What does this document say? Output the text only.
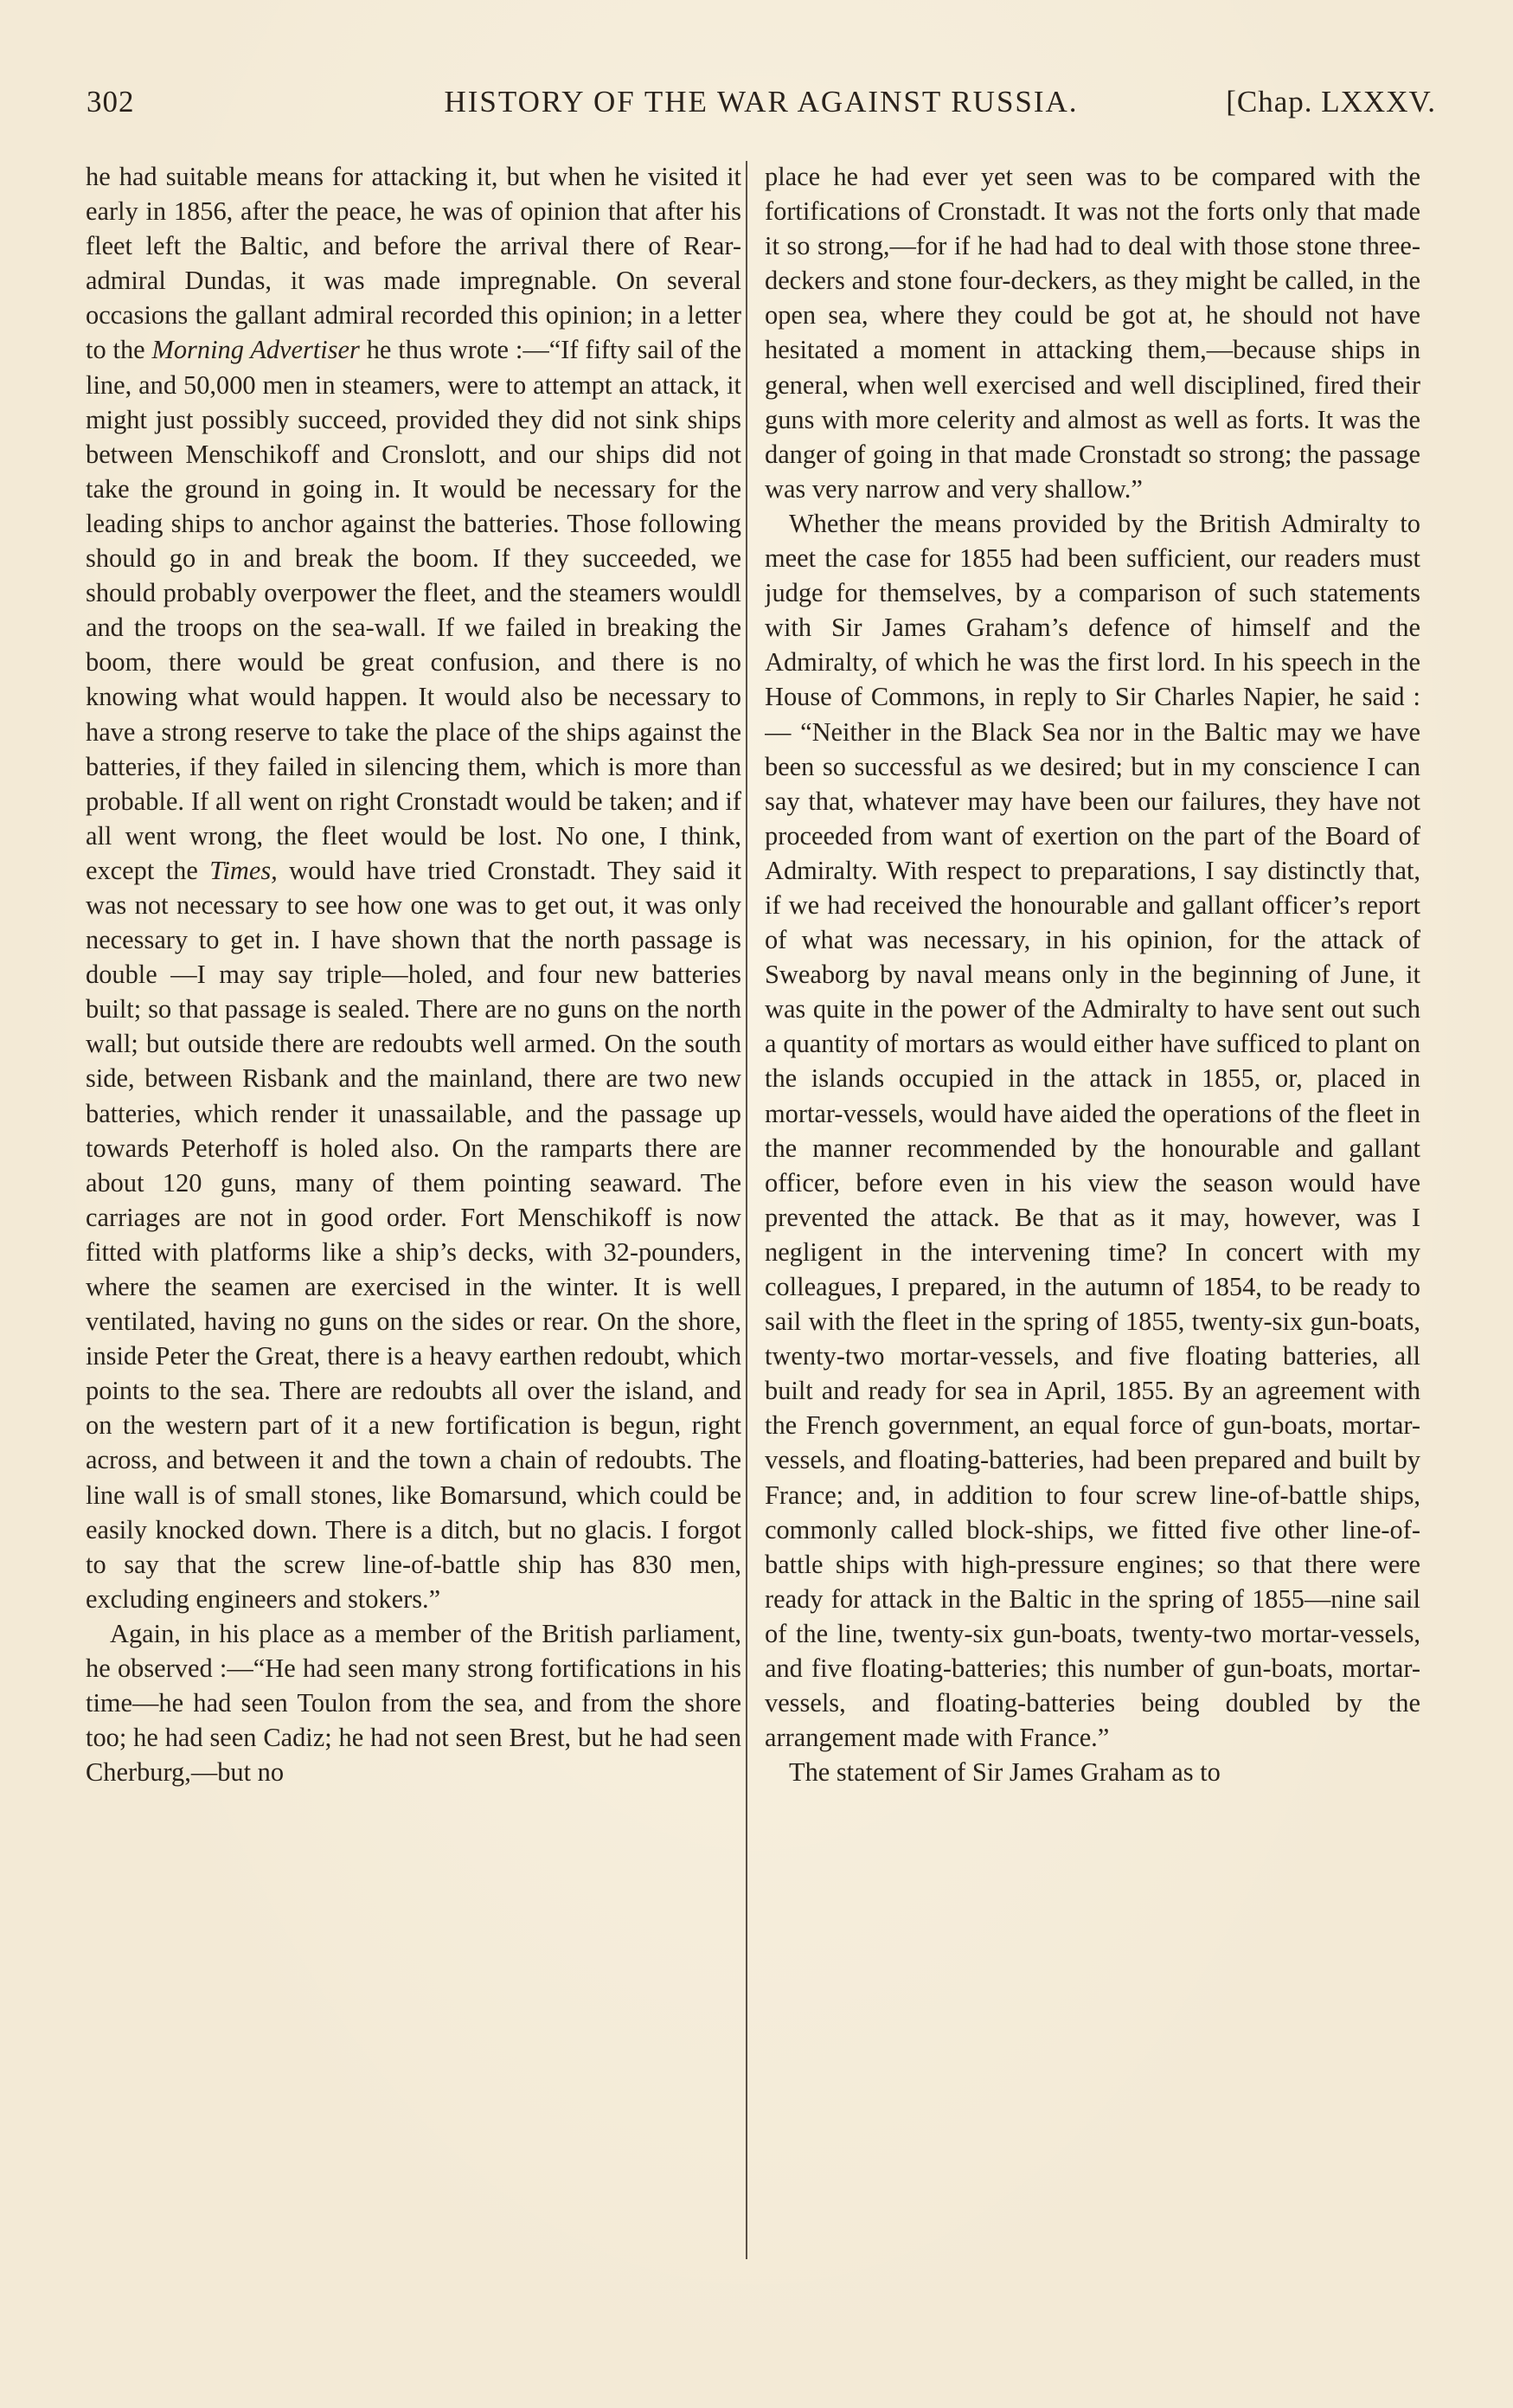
302	HISTORY OF THE WAR AGAINST RUSSIA.	[Chap. LXXXV.

he had suitable means for attacking it, but when he visited it early in 1856, after the peace, he was of opinion that after his fleet left the Baltic, and before the arrival there of Rear-admiral Dundas, it was made impregnable. On several occasions the gallant admiral recorded this opinion; in a letter to the Morning Advertiser he thus wrote :—“If fifty sail of the line, and 50,000 men in steamers, were to attempt an attack, it might just possibly succeed, provided they did not sink ships between Menschikoff and Cronslott, and our ships did not take the ground in going in. It would be necessary for the leading ships to anchor against the batteries. Those following should go in and break the boom. If they succeeded, we should probably overpower the fleet, and the steamers wouldl and the troops on the sea-wall. If we failed in breaking the boom, there would be great confusion, and there is no knowing what would happen. It would also be necessary to have a strong reserve to take the place of the ships against the batteries, if they failed in silencing them, which is more than probable. If all went on right Cronstadt would be taken; and if all went wrong, the fleet would be lost. No one, I think, except the Times, would have tried Cronstadt. They said it was not necessary to see how one was to get out, it was only necessary to get in. I have shown that the north passage is double —I may say triple—holed, and four new batteries built; so that passage is sealed. There are no guns on the north wall; but outside there are redoubts well armed. On the south side, between Risbank and the mainland, there are two new batteries, which render it unassailable, and the passage up towards Peterhoff is holed also. On the ramparts there are about 120 guns, many of them pointing seaward. The carriages are not in good order. Fort Menschikoff is now fitted with platforms like a ship’s decks, with 32-pounders, where the seamen are exercised in the winter. It is well ventilated, having no guns on the sides or rear. On the shore, inside Peter the Great, there is a heavy earthen redoubt, which points to the sea. There are redoubts all over the island, and on the western part of it a new fortification is begun, right across, and between it and the town a chain of redoubts. The line wall is of small stones, like Bomarsund, which could be easily knocked down. There is a ditch, but no glacis. I forgot to say that the screw line-of-battle ship has 830 men, excluding engineers and stokers.”

Again, in his place as a member of the British parliament, he observed :—“He had seen many strong fortifications in his time—he had seen Toulon from the sea, and from the shore too; he had seen Cadiz; he had not seen Brest, but he had seen Cherburg,—but no

place he had ever yet seen was to be compared with the fortifications of Cronstadt. It was not the forts only that made it so strong,—for if he had had to deal with those stone three-deckers and stone four-deckers, as they might be called, in the open sea, where they could be got at, he should not have hesitated a moment in attacking them,—because ships in general, when well exercised and well disciplined, fired their guns with more celerity and almost as well as forts. It was the danger of going in that made Cronstadt so strong; the passage was very narrow and very shallow.”

Whether the means provided by the British Admiralty to meet the case for 1855 had been sufficient, our readers must judge for themselves, by a comparison of such statements with Sir James Graham’s defence of himself and the Admiralty, of which he was the first lord. In his speech in the House of Commons, in reply to Sir Charles Napier, he said :— “Neither in the Black Sea nor in the Baltic may we have been so successful as we desired; but in my conscience I can say that, whatever may have been our failures, they have not proceeded from want of exertion on the part of the Board of Admiralty. With respect to preparations, I say distinctly that, if we had received the honourable and gallant officer’s report of what was necessary, in his opinion, for the attack of Sweaborg by naval means only in the beginning of June, it was quite in the power of the Admiralty to have sent out such a quantity of mortars as would either have sufficed to plant on the islands occupied in the attack in 1855, or, placed in mortar-vessels, would have aided the operations of the fleet in the manner recommended by the honourable and gallant officer, before even in his view the season would have prevented the attack. Be that as it may, however, was I negligent in the intervening time? In concert with my colleagues, I prepared, in the autumn of 1854, to be ready to sail with the fleet in the spring of 1855, twenty-six gun-boats, twenty-two mortar-vessels, and five floating batteries, all built and ready for sea in April, 1855. By an agreement with the French government, an equal force of gun-boats, mortar-vessels, and floating-batteries, had been prepared and built by France; and, in addition to four screw line-of-battle ships, commonly called block-ships, we fitted five other line-of-battle ships with high-pressure engines; so that there were ready for attack in the Baltic in the spring of 1855—nine sail of the line, twenty-six gun-boats, twenty-two mortar-vessels, and five floating-batteries; this number of gun-boats, mortar-vessels, and floating-batteries being doubled by the arrangement made with France.”

The statement of Sir James Graham as to
